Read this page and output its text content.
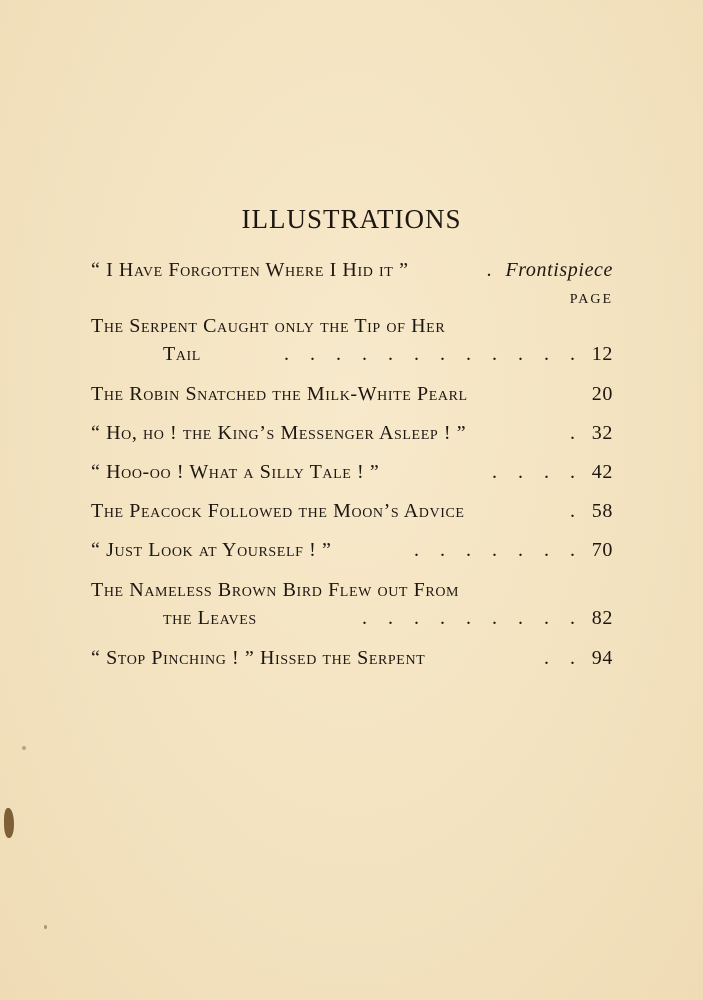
ILLUSTRATIONS
“ I Have Forgotten Where I Hid it ”	. Frontispiece
PAGE
The Serpent Caught only the Tip of Her
Tail	. . . . . . . . . . . . 12
The Robin Snatched the Milk-White Pearl	20
“ Ho, ho ! the King’s Messenger Asleep ! ”	. 32
“ Hoo-oo ! What a Silly Tale ! ”	. . . . 42
The Peacock Followed the Moon’s Advice	. 58
“ Just Look at Yourself ! ”	. . . . . . . 70
The Nameless Brown Bird Flew out From
the Leaves	. . . . . . . . . 82
“ Stop Pinching ! ” Hissed the Serpent	. . 94
